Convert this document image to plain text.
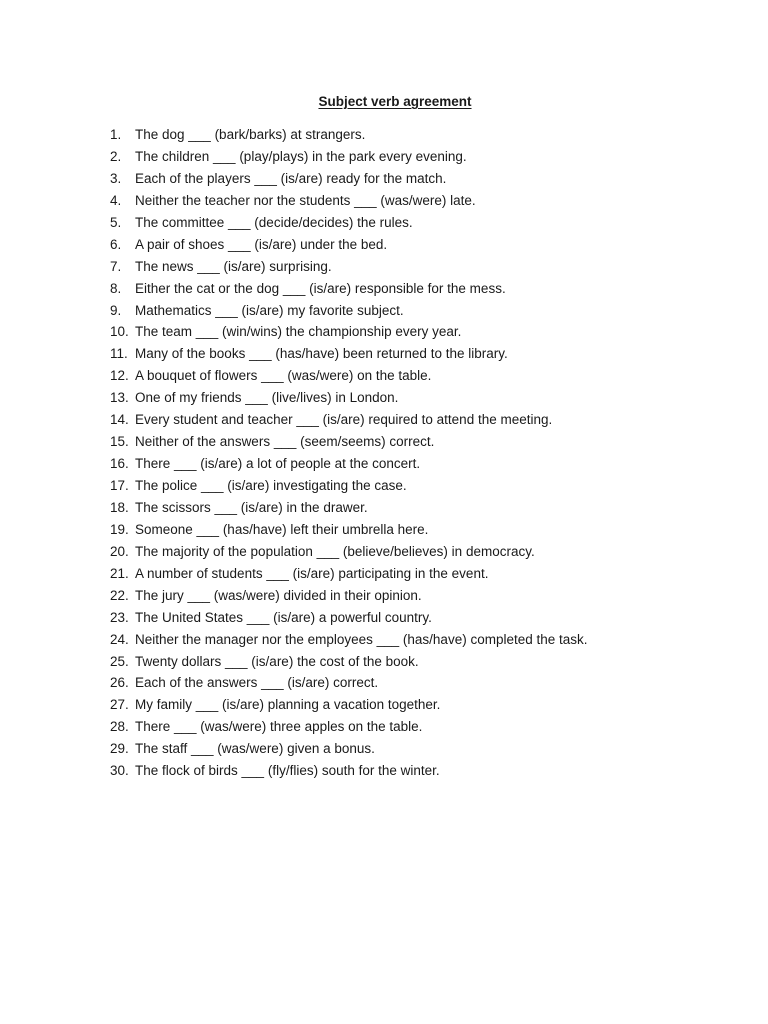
Subject verb agreement
1.	The dog ___ (bark/barks) at strangers.
2.	The children ___ (play/plays) in the park every evening.
3.	Each of the players ___ (is/are) ready for the match.
4.	Neither the teacher nor the students ___ (was/were) late.
5.	The committee ___ (decide/decides) the rules.
6.	A pair of shoes ___ (is/are) under the bed.
7.	The news ___ (is/are) surprising.
8.	Either the cat or the dog ___ (is/are) responsible for the mess.
9.	Mathematics ___ (is/are) my favorite subject.
10. The team ___ (win/wins) the championship every year.
11. Many of the books ___ (has/have) been returned to the library.
12. A bouquet of flowers ___ (was/were) on the table.
13. One of my friends ___ (live/lives) in London.
14. Every student and teacher ___ (is/are) required to attend the meeting.
15. Neither of the answers ___ (seem/seems) correct.
16. There ___ (is/are) a lot of people at the concert.
17. The police ___ (is/are) investigating the case.
18. The scissors ___ (is/are) in the drawer.
19. Someone ___ (has/have) left their umbrella here.
20. The majority of the population ___ (believe/believes) in democracy.
21. A number of students ___ (is/are) participating in the event.
22. The jury ___ (was/were) divided in their opinion.
23. The United States ___ (is/are) a powerful country.
24. Neither the manager nor the employees ___ (has/have) completed the task.
25. Twenty dollars ___ (is/are) the cost of the book.
26. Each of the answers ___ (is/are) correct.
27. My family ___ (is/are) planning a vacation together.
28. There ___ (was/were) three apples on the table.
29. The staff ___ (was/were) given a bonus.
30. The flock of birds ___ (fly/flies) south for the winter.
